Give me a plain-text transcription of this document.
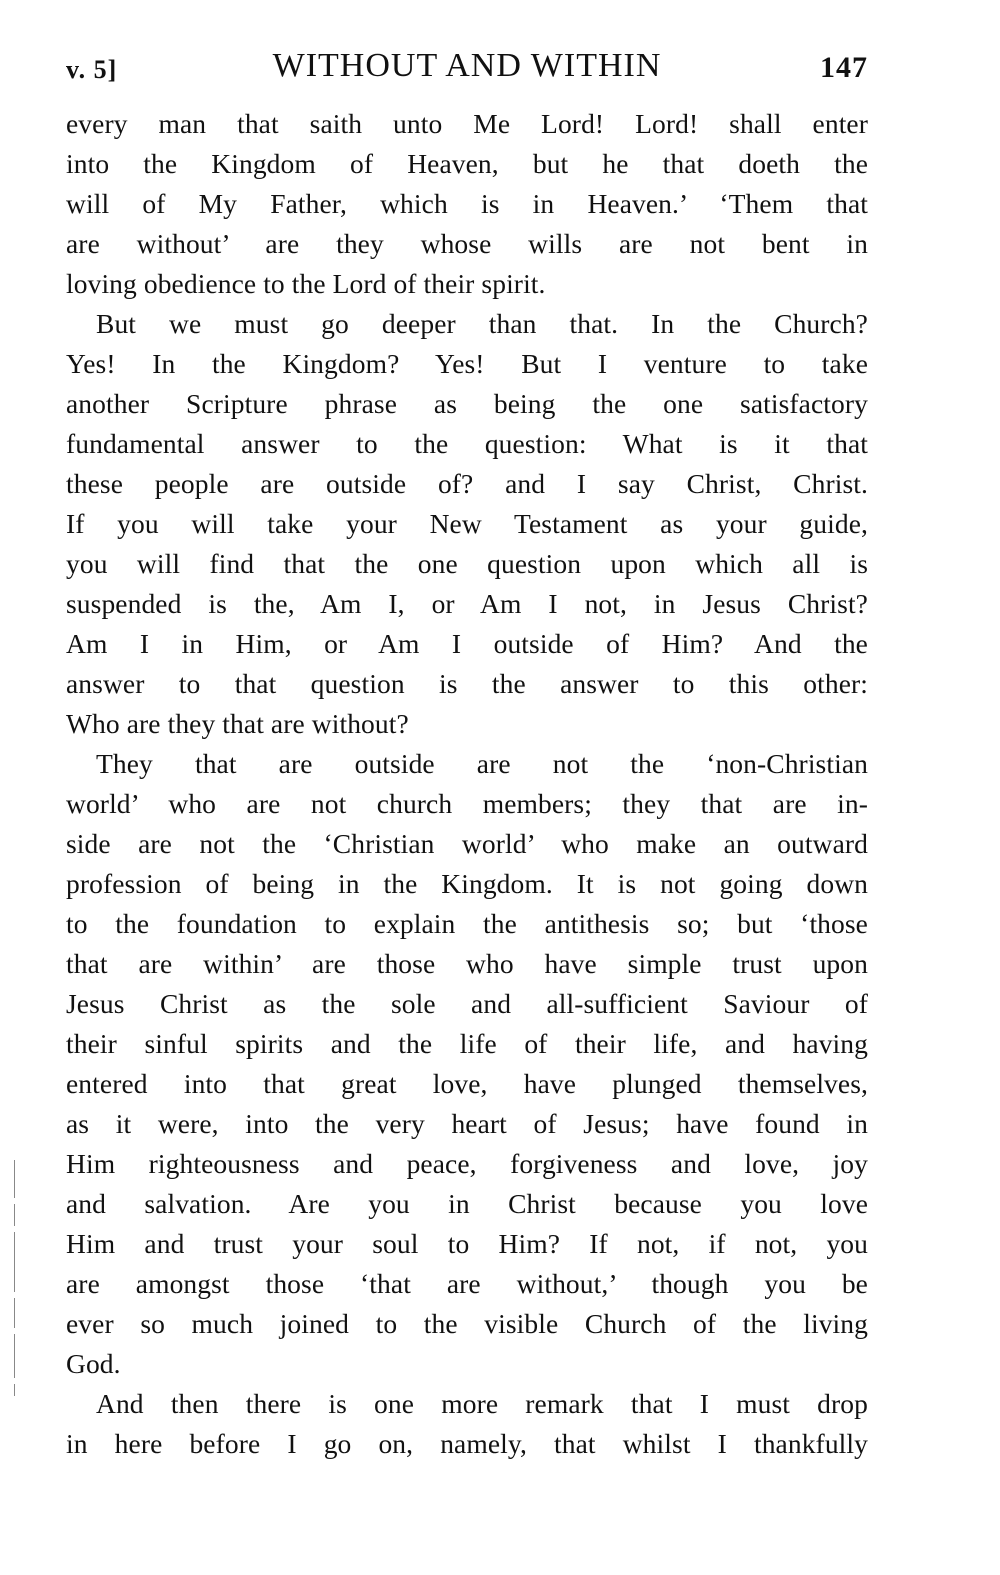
v. 5]	WITHOUT AND WITHIN	147
every man that saith unto Me Lord! Lord! shall enter
into the Kingdom of Heaven, but he that doeth the
will of My Father, which is in Heaven.’ ‘Them that
are without’ are they whose wills are not bent in
loving obedience to the Lord of their spirit.
But we must go deeper than that. In the Church?
Yes! In the Kingdom? Yes! But I venture to take
another Scripture phrase as being the one satisfactory
fundamental answer to the question: What is it that
these people are outside of? and I say Christ, Christ.
If you will take your New Testament as your guide,
you will find that the one question upon which all is
suspended is the, Am I, or Am I not, in Jesus Christ?
Am I in Him, or Am I outside of Him? And the
answer to that question is the answer to this other:
Who are they that are without?
They that are outside are not the ‘non-Christian
world’ who are not church members; they that are in-
side are not the ‘Christian world’ who make an outward
profession of being in the Kingdom. It is not going down
to the foundation to explain the antithesis so; but ‘those
that are within’ are those who have simple trust upon
Jesus Christ as the sole and all-sufficient Saviour of
their sinful spirits and the life of their life, and having
entered into that great love, have plunged themselves,
as it were, into the very heart of Jesus; have found in
Him righteousness and peace, forgiveness and love, joy
and salvation. Are you in Christ because you love
Him and trust your soul to Him? If not, if not, you
are amongst those ‘that are without,’ though you be
ever so much joined to the visible Church of the living
God.
And then there is one more remark that I must drop
in here before I go on, namely, that whilst I thankfully
